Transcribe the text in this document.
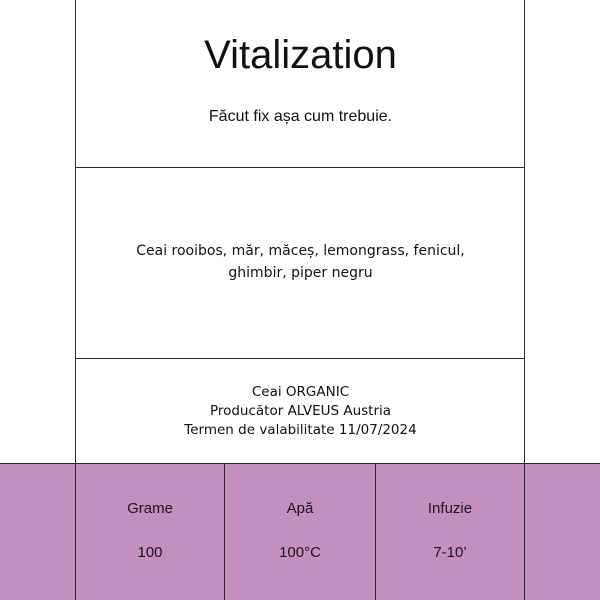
Vitalization
Făcut fix așa cum trebuie.
Ceai rooibos, măr, măceș, lemongrass, fenicul,
ghimbir, piper negru
Ceai ORGANIC
Producător ALVEUS Austria
Termen de valabilitate 11/07/2024
Grame
100
Apă
100°C
Infuzie
7-10’
